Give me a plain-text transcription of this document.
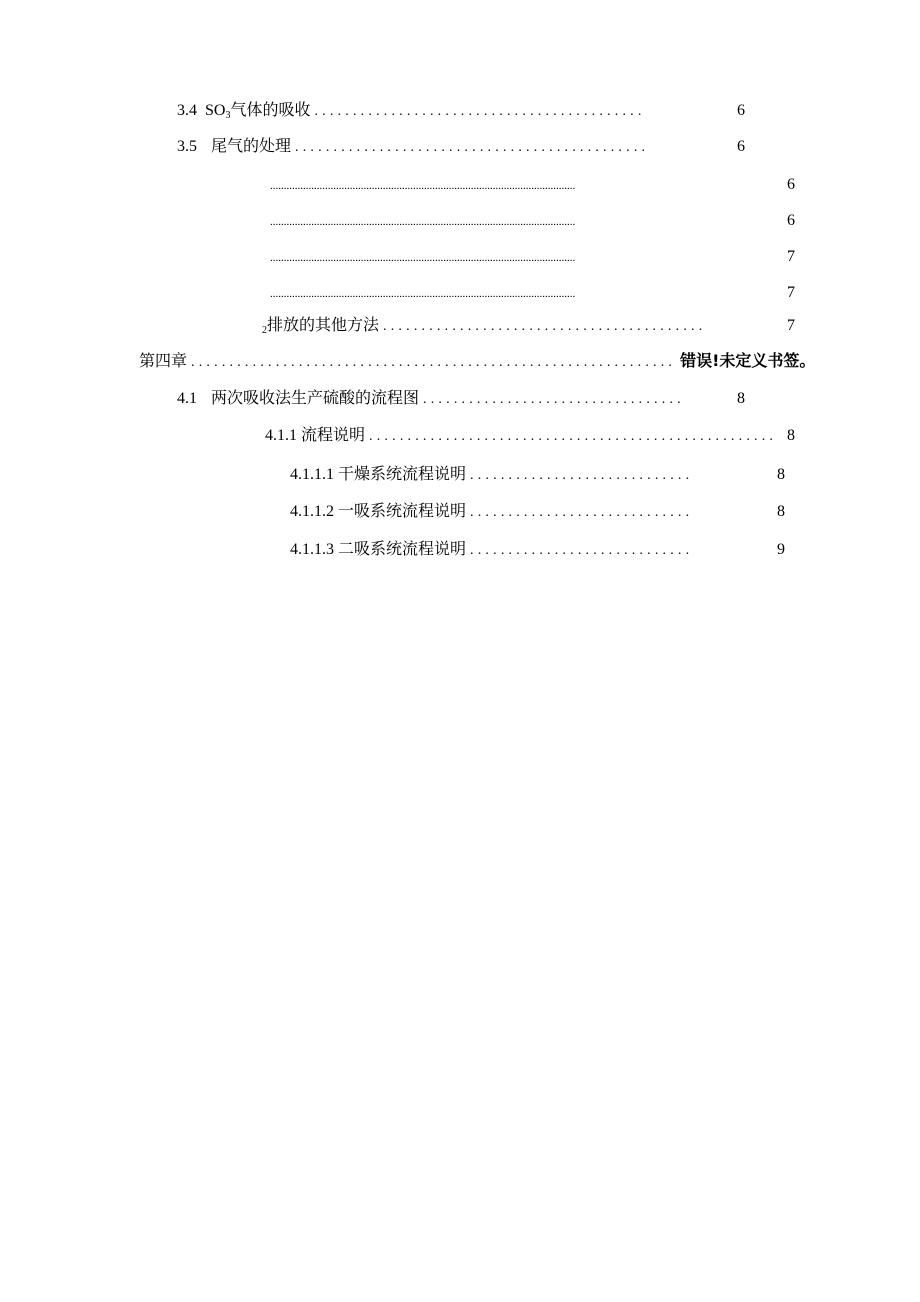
3.4 $SO_3$气体的吸收 ...........................................	6
3.5 尾气的处理 ..............................................	6
...............................................................................................................	6
...............................................................................................................	6
...............................................................................................................	7
...............................................................................................................	7
$_2$排放的其他方法 ..........................................	7
第四章 ............................................................... 错误!未定义书签。
4.1 两次吸收法生产硫酸的流程图 ..................................	8
4.1.1 流程说明 ..................................................... 8
4.1.1.1 干燥系统流程说明 .............................	8
4.1.1.2 一吸系统流程说明 .............................	8
4.1.1.3 二吸系统流程说明 .............................	9
